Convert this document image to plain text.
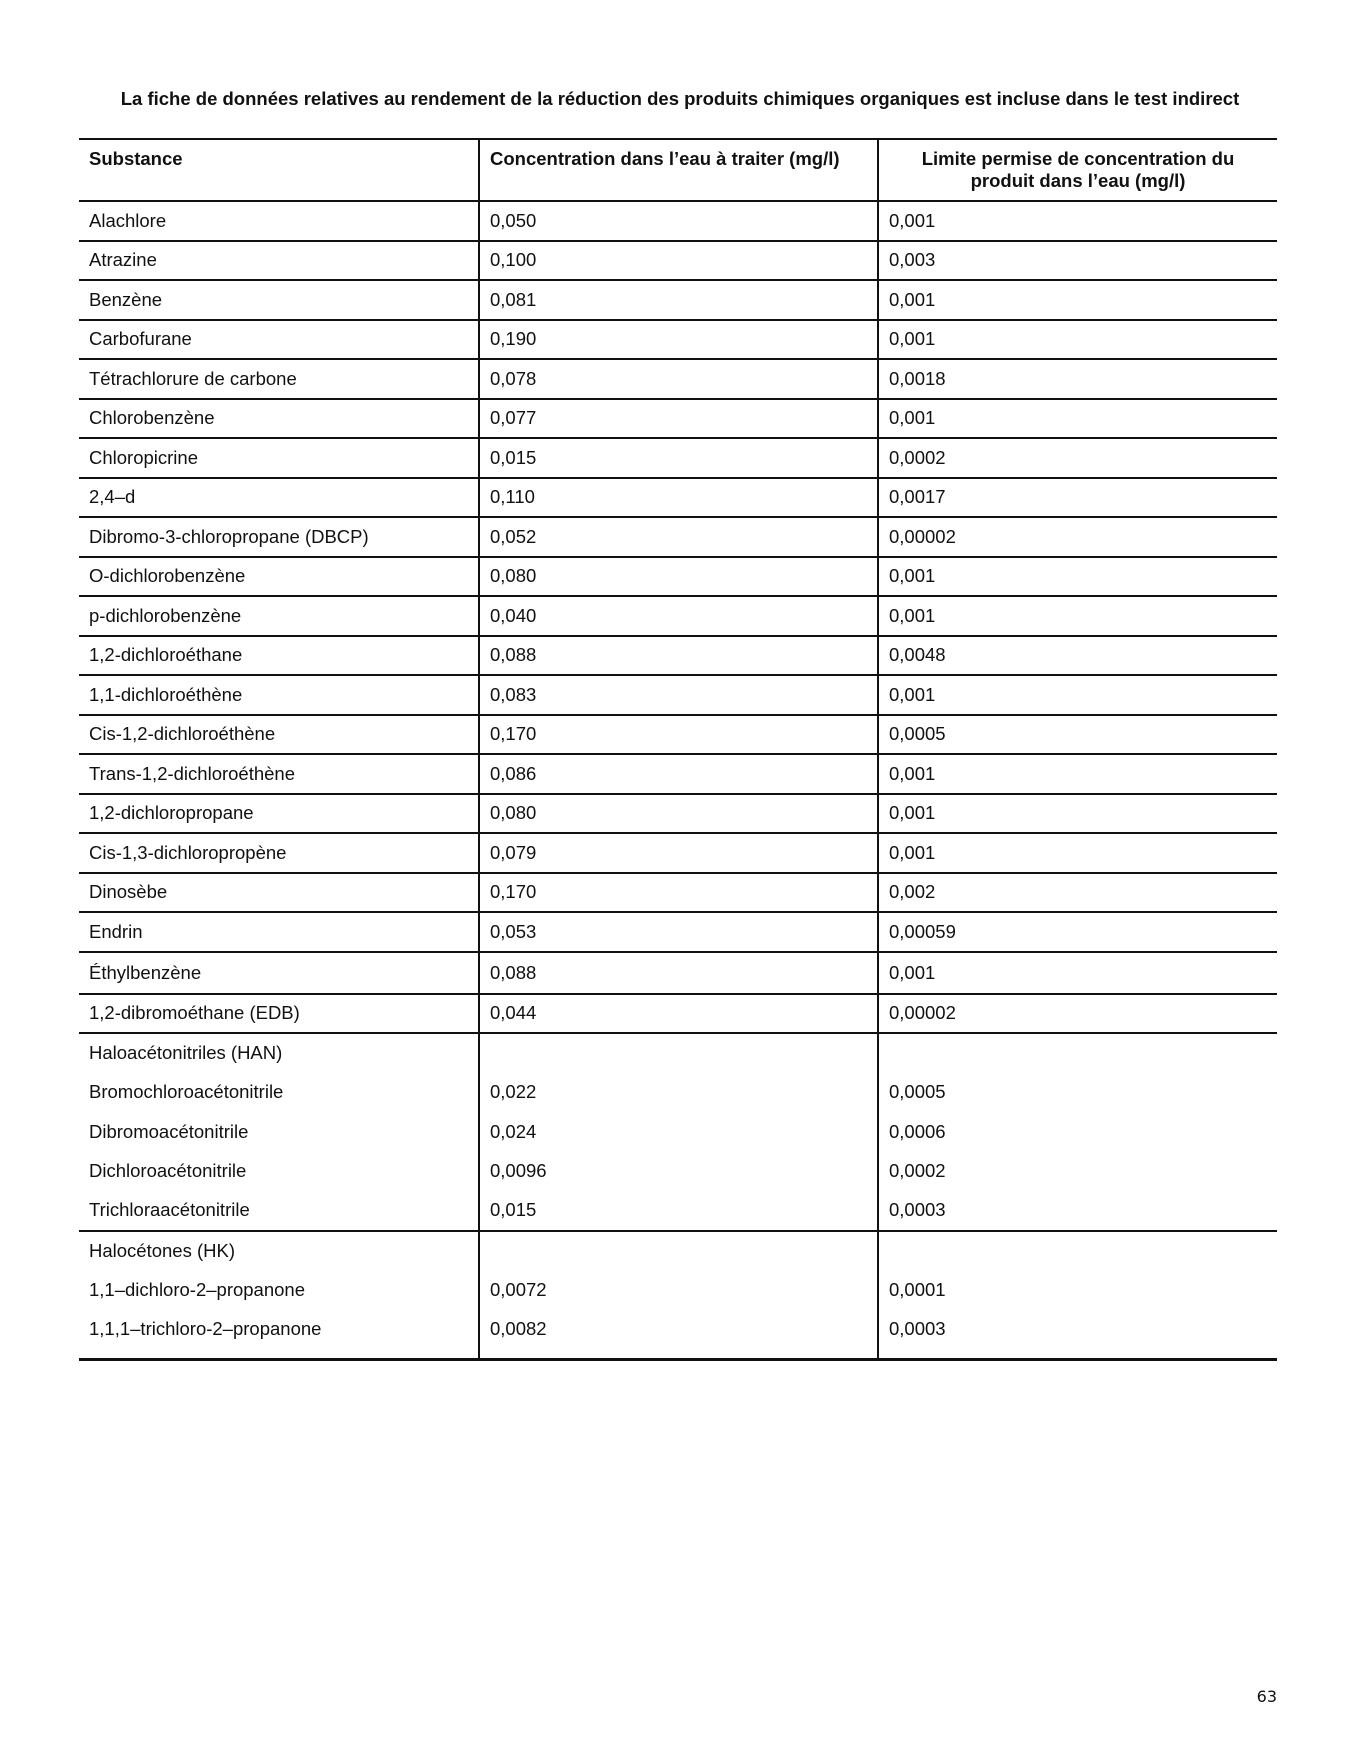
La fiche de données relatives au rendement de la réduction des produits chimiques organiques est incluse dans le test indirect
Substance	Concentration dans l’eau à traiter (mg/l)	Limite permise de concentration du produit dans l’eau (mg/l)
Alachlore	0,050	0,001
Atrazine	0,100	0,003
Benzène	0,081	0,001
Carbofurane	0,190	0,001
Tétrachlorure de carbone	0,078	0,0018
Chlorobenzène	0,077	0,001
Chloropicrine	0,015	0,0002
2,4–d	0,110	0,0017
Dibromo-3-chloropropane (DBCP)	0,052	0,00002
O-dichlorobenzène	0,080	0,001
p-dichlorobenzène	0,040	0,001
1,2-dichloroéthane	0,088	0,0048
1,1-dichloroéthène	0,083	0,001
Cis-1,2-dichloroéthène	0,170	0,0005
Trans-1,2-dichloroéthène	0,086	0,001
1,2-dichloropropane	0,080	0,001
Cis-1,3-dichloropropène	0,079	0,001
Dinosèbe	0,170	0,002
Endrin	0,053	0,00059
Éthylbenzène	0,088	0,001
1,2-dibromoéthane (EDB)	0,044	0,00002
Haloacétonitriles (HAN)		
Bromochloroacétonitrile	0,022	0,0005
Dibromoacétonitrile	0,024	0,0006
Dichloroacétonitrile	0,0096	0,0002
Trichloraacétonitrile	0,015	0,0003
Halocétones (HK)		
1,1–dichloro-2–propanone	0,0072	0,0001
1,1,1–trichloro-2–propanone	0,0082	0,0003

63
